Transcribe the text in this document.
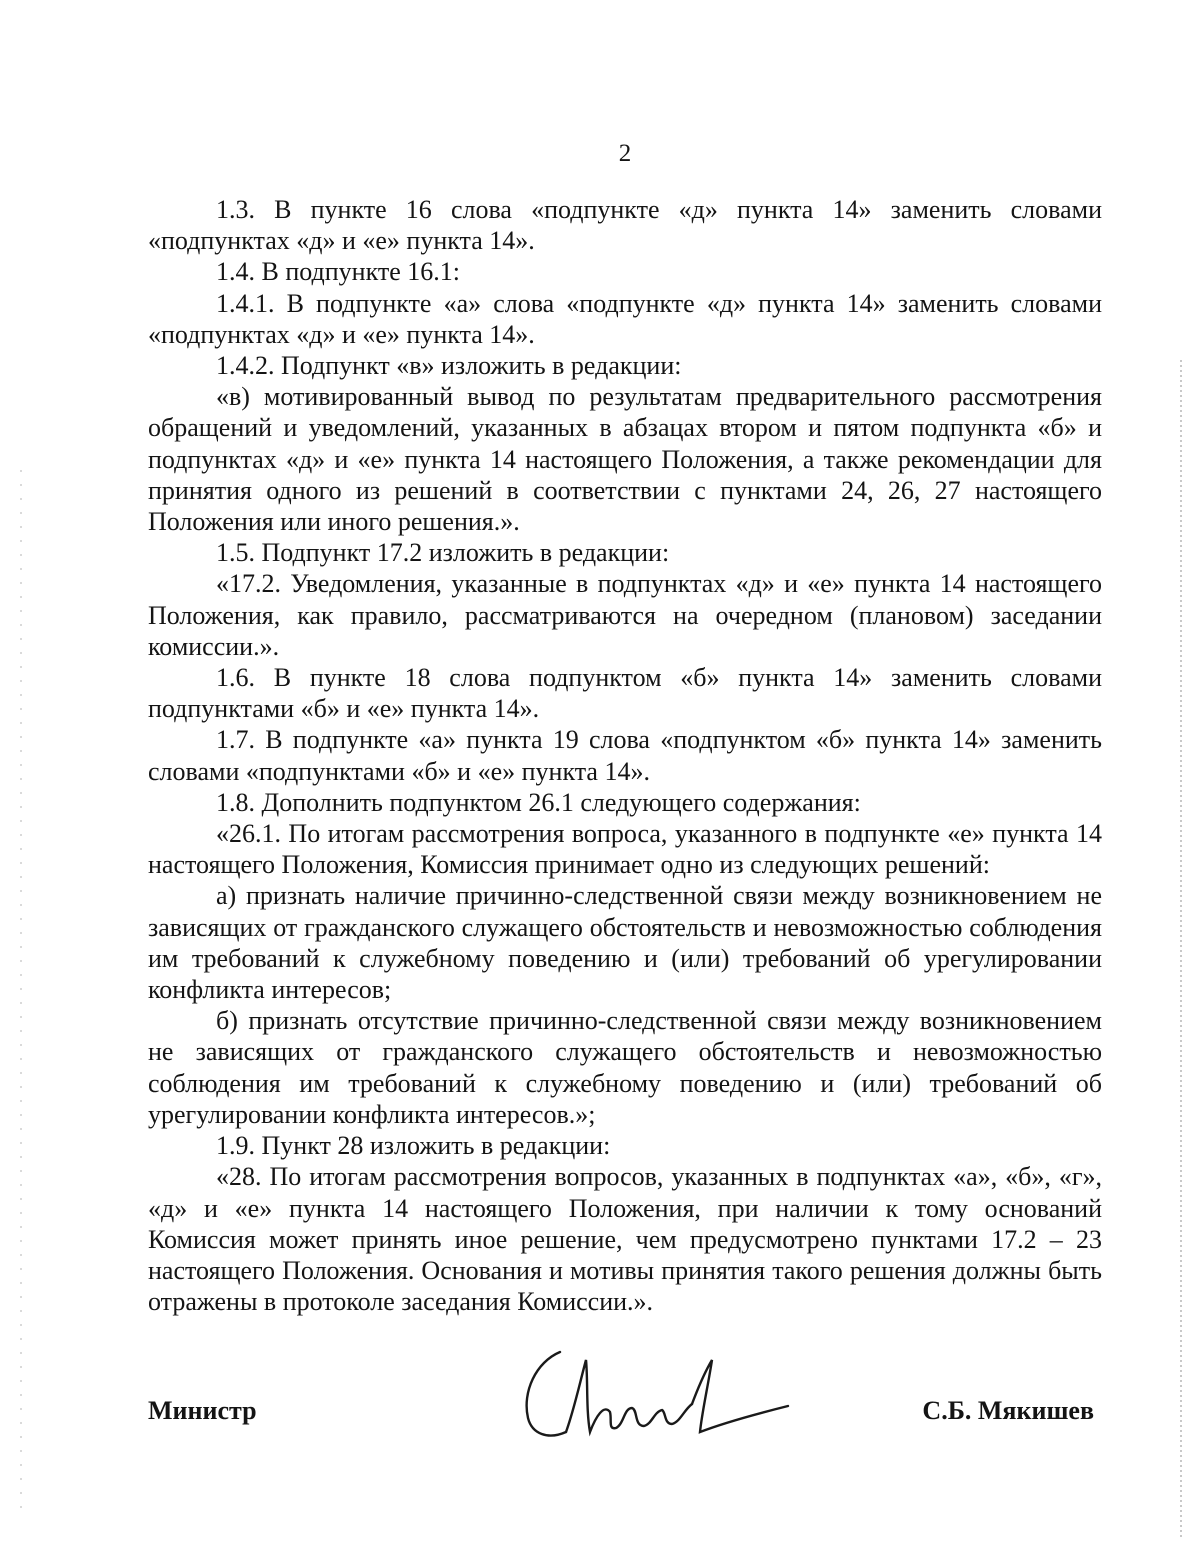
2

1.3. В пункте 16 слова «подпункте «д» пункта 14» заменить словами «подпунктах «д» и «е» пункта 14».

1.4. В подпункте 16.1:

1.4.1. В подпункте «а» слова «подпункте «д» пункта 14» заменить словами «подпунктах «д» и «е» пункта 14».

1.4.2. Подпункт «в» изложить в редакции:

«в) мотивированный вывод по результатам предварительного рассмотрения обращений и уведомлений, указанных в абзацах втором и пятом подпункта «б» и подпунктах «д» и «е» пункта 14 настоящего Положения, а также рекомендации для принятия одного из решений в соответствии с пунктами 24, 26, 27 настоящего Положения или иного решения.».

1.5. Подпункт 17.2 изложить в редакции:

«17.2. Уведомления, указанные в подпунктах «д» и «е» пункта 14 настоящего Положения, как правило, рассматриваются на очередном (плановом) заседании комиссии.».

1.6. В пункте 18 слова подпунктом «б» пункта 14» заменить словами подпунктами «б» и «е» пункта 14».

1.7. В подпункте «а» пункта 19 слова «подпунктом «б» пункта 14» заменить словами «подпунктами «б» и «е» пункта 14».

1.8. Дополнить подпунктом 26.1 следующего содержания:

«26.1. По итогам рассмотрения вопроса, указанного в подпункте «е» пункта 14 настоящего Положения, Комиссия принимает одно из следующих решений:

а) признать наличие причинно-следственной связи между возникновением не зависящих от гражданского служащего обстоятельств и невозможностью соблюдения им требований к служебному поведению и (или) требований об урегулировании конфликта интересов;

б) признать отсутствие причинно-следственной связи между возникновением не зависящих от гражданского служащего обстоятельств и невозможностью соблюдения им требований к служебному поведению и (или) требований об урегулировании конфликта интересов.»;

1.9. Пункт 28 изложить в редакции:

«28. По итогам рассмотрения вопросов, указанных в подпунктах «а», «б», «г», «д» и «е» пункта 14 настоящего Положения, при наличии к тому оснований Комиссия может принять иное решение, чем предусмотрено пунктами 17.2 – 23 настоящего Положения. Основания и мотивы принятия такого решения должны быть отражены в протоколе заседания Комиссии.».

Министр	С.Б. Мякишев
